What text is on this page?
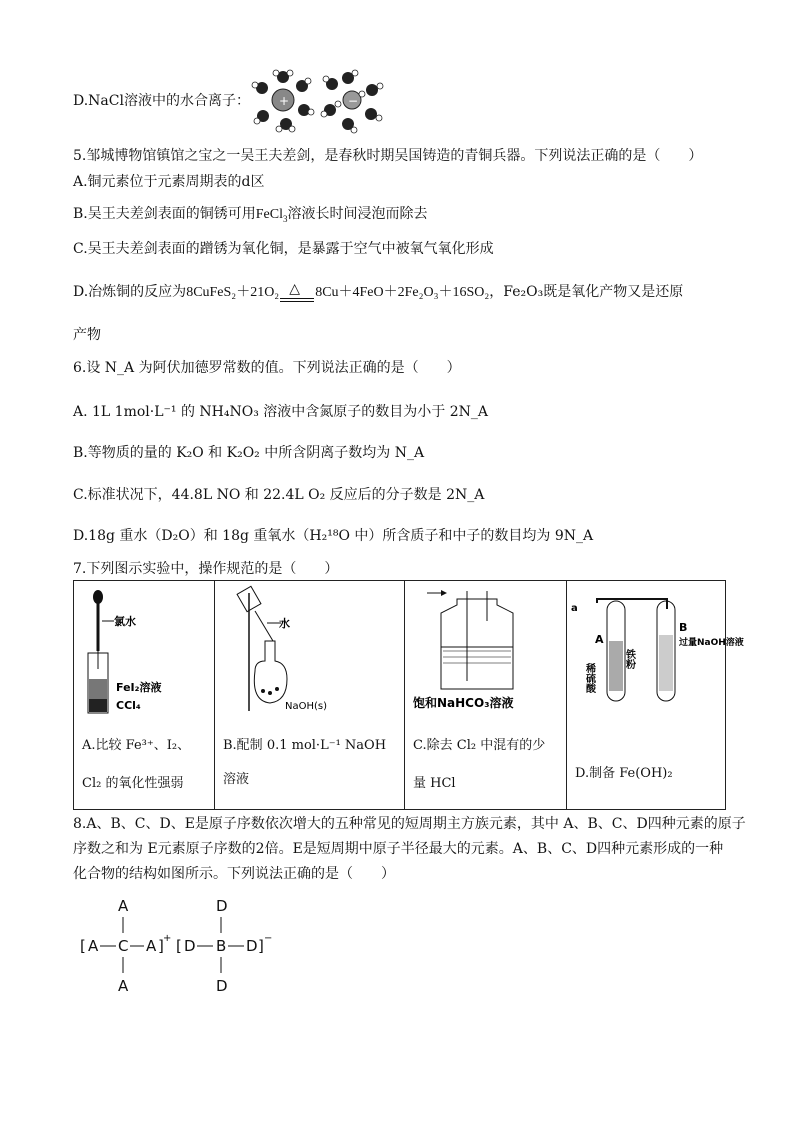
D.NaCl溶液中的水合离子： +	−
5.邹城博物馆镇馆之宝之一吴王夫差剑，是春秋时期吴国铸造的青铜兵器。下列说法正确的是（　　）
A.铜元素位于元素周期表的d区
B.吴王夫差剑表面的铜锈可用FeCl$_3$溶液长时间浸泡而除去
C.吴王夫差剑表面的蹭锈为氧化铜，是暴露于空气中被氧气氧化形成
D.冶炼铜的反应为8CuFeS₂＋21O₂ △ 8Cu＋4FeO＋2Fe₂O₃＋16SO₂，Fe₂O₃既是氧化产物又是还原
产物
6.设 N_A 为阿伏加德罗常数的值。下列说法正确的是（　　）
A. 1L 1mol·L⁻¹ 的 NH₄NO₃ 溶液中含氮原子的数目为小于 2N_A
B.等物质的量的 K₂O 和 K₂O₂ 中所含阴离子数均为 N_A
C.标准状况下，44.8L NO 和 22.4L O₂ 反应后的分子数是 2N_A
D.18g 重水（D₂O）和 18g 重氧水（H₂¹⁸O 中）所含质子和中子的数目均为 9N_A
7.下列图示实验中，操作规范的是（　　）
氯水
FeI₂溶液
CCl₄
A.比较 Fe³⁺、I₂、
Cl₂ 的氧化性强弱

水
NaOH(s)
B.配制 0.1 mol·L⁻¹ NaOH
溶液

饱和NaHCO₃溶液
C.除去 Cl₂ 中混有的少
量 HCl

a
A
稀硫酸
铁粉
B
过量NaOH溶液
D.制备 Fe(OH)₂
8.A、B、C、D、E是原子序数依次增大的五种常见的短周期主方族元素，其中 A、B、C、D四种元素的原子
序数之和为 E元素原子序数的2倍。E是短周期中原子半径最大的元素。A、B、C、D四种元素形成的一种
化合物的结构如图所示。下列说法正确的是（　　）
A
[ A C A ] +
A
D
[ D B D ] −
D
